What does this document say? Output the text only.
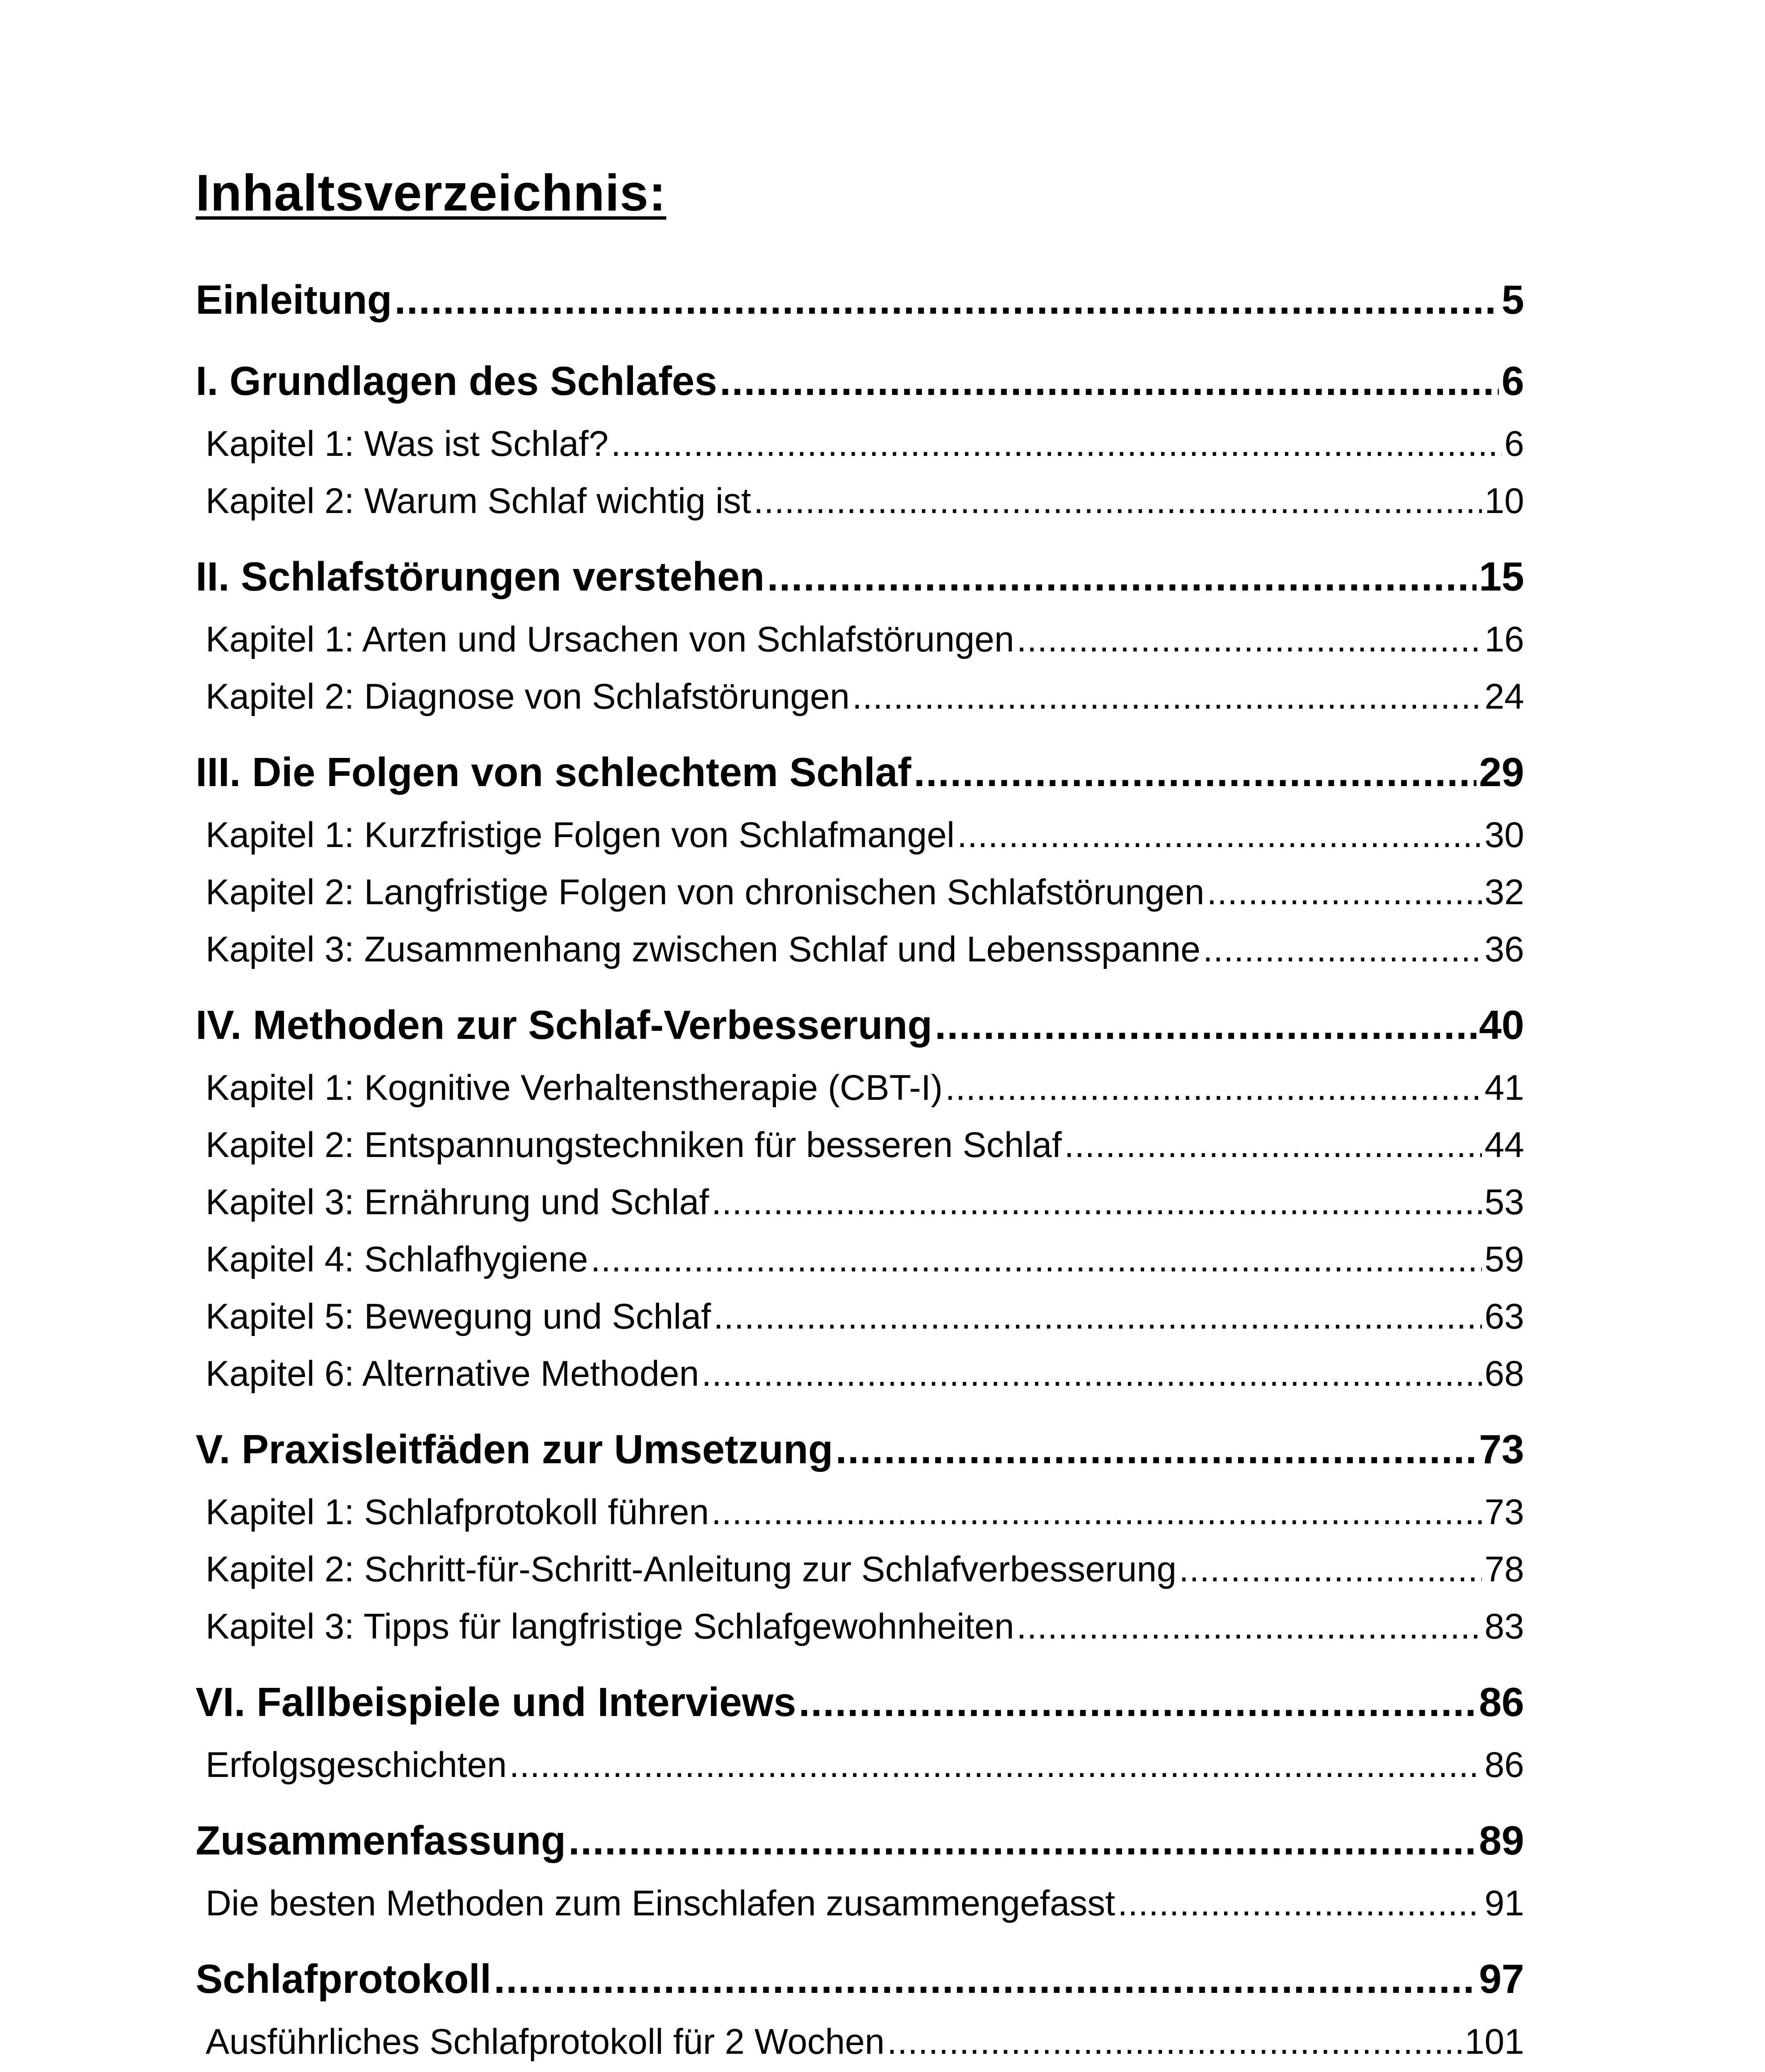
Inhaltsverzeichnis:
Einleitung .....	5
I. Grundlagen des Schlafes .....	6
Kapitel 1: Was ist Schlaf? .....	6
Kapitel 2: Warum Schlaf wichtig ist .....	10
II. Schlafstörungen verstehen .....	15
Kapitel 1: Arten und Ursachen von Schlafstörungen .....	16
Kapitel 2: Diagnose von Schlafstörungen .....	24
III. Die Folgen von schlechtem Schlaf .....	29
Kapitel 1: Kurzfristige Folgen von Schlafmangel .....	30
Kapitel 2: Langfristige Folgen von chronischen Schlafstörungen .....	32
Kapitel 3: Zusammenhang zwischen Schlaf und Lebensspanne .....	36
IV. Methoden zur Schlaf-Verbesserung .....	40
Kapitel 1: Kognitive Verhaltenstherapie (CBT-I) .....	41
Kapitel 2: Entspannungstechniken für besseren Schlaf .....	44
Kapitel 3: Ernährung und Schlaf .....	53
Kapitel 4: Schlafhygiene .....	59
Kapitel 5: Bewegung und Schlaf .....	63
Kapitel 6: Alternative Methoden .....	68
V. Praxisleitfäden zur Umsetzung .....	73
Kapitel 1: Schlafprotokoll führen .....	73
Kapitel 2: Schritt-für-Schritt-Anleitung zur Schlafverbesserung .....	78
Kapitel 3: Tipps für langfristige Schlafgewohnheiten .....	83
VI. Fallbeispiele und Interviews .....	86
Erfolgsgeschichten .....	86
Zusammenfassung .....	89
Die besten Methoden zum Einschlafen zusammengefasst .....	91
Schlafprotokoll .....	97
Ausführliches Schlafprotokoll für 2 Wochen .....	101
.....
